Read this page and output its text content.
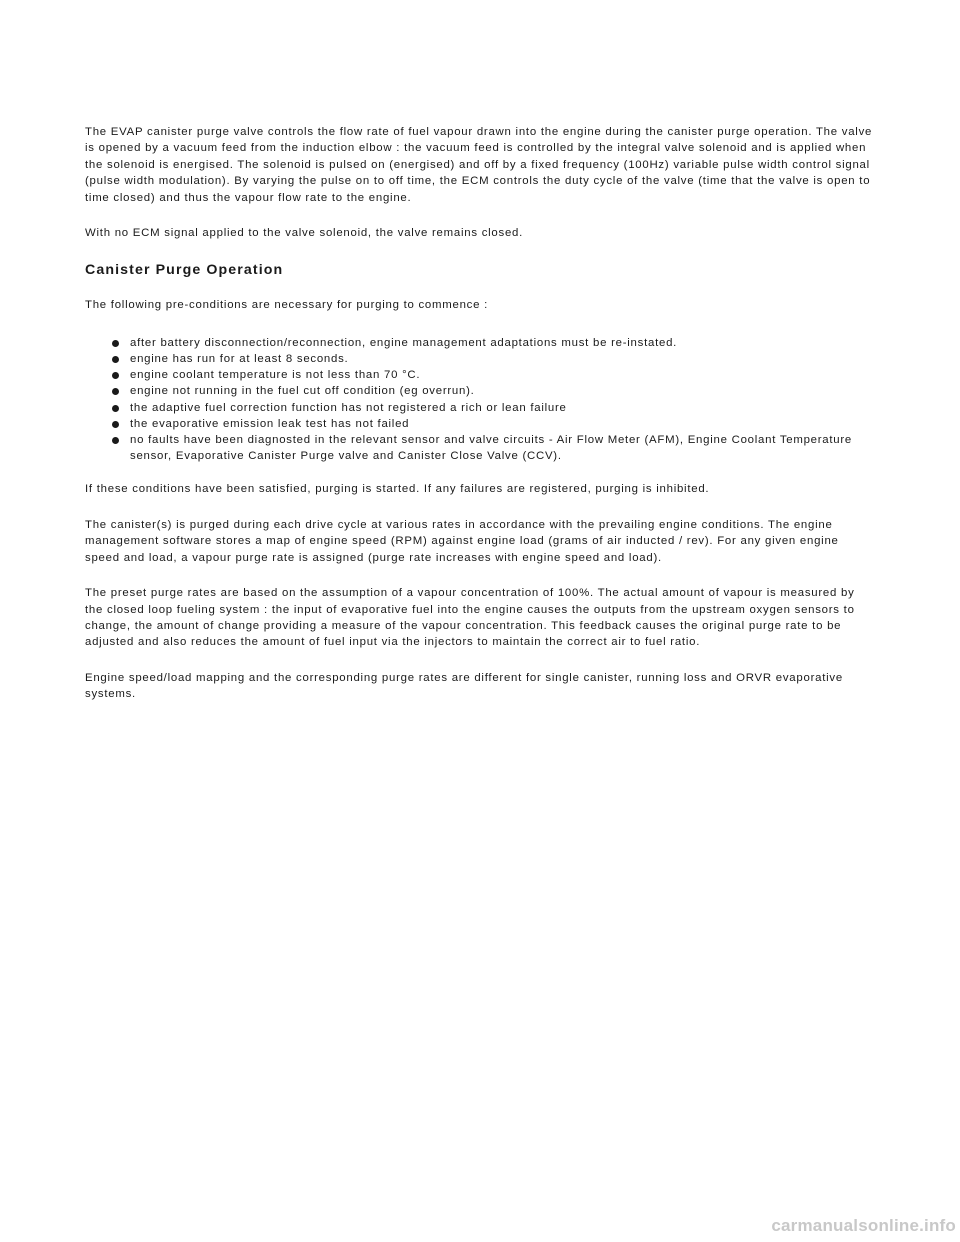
The EVAP canister purge valve controls the flow rate of fuel vapour drawn into the engine during the canister purge operation. The valve is opened by a vacuum feed from the induction elbow : the vacuum feed is controlled by the integral valve solenoid and is applied when the solenoid is energised. The solenoid is pulsed on (energised) and off by a fixed frequency (100Hz) variable pulse width control signal (pulse width modulation). By varying the pulse on to off time, the ECM controls the duty cycle of the valve (time that the valve is open to time closed) and thus the vapour flow rate to the engine.

With no ECM signal applied to the valve solenoid, the valve remains closed.

Canister Purge Operation

The following pre-conditions are necessary for purging to commence :

after battery disconnection/reconnection, engine management adaptations must be re-instated.
engine has run for at least 8 seconds.
engine coolant temperature is not less than 70 °C.
engine not running in the fuel cut off condition (eg overrun).
the adaptive fuel correction function has not registered a rich or lean failure
the evaporative emission leak test has not failed
no faults have been diagnosted in the relevant sensor and valve circuits - Air Flow Meter (AFM), Engine Coolant Temperature sensor, Evaporative Canister Purge valve and Canister Close Valve (CCV).

If these conditions have been satisfied, purging is started. If any failures are registered, purging is inhibited.

The canister(s) is purged during each drive cycle at various rates in accordance with the prevailing engine conditions. The engine management software stores a map of engine speed (RPM) against engine load (grams of air inducted / rev). For any given engine speed and load, a vapour purge rate is assigned (purge rate increases with engine speed and load).

The preset purge rates are based on the assumption of a vapour concentration of 100%. The actual amount of vapour is measured by the closed loop fueling system : the input of evaporative fuel into the engine causes the outputs from the upstream oxygen sensors to change, the amount of change providing a measure of the vapour concentration. This feedback causes the original purge rate to be adjusted and also reduces the amount of fuel input via the injectors to maintain the correct air to fuel ratio.

Engine speed/load mapping and the corresponding purge rates are different for single canister, running loss and ORVR evaporative systems.

carmanualsonline.info
